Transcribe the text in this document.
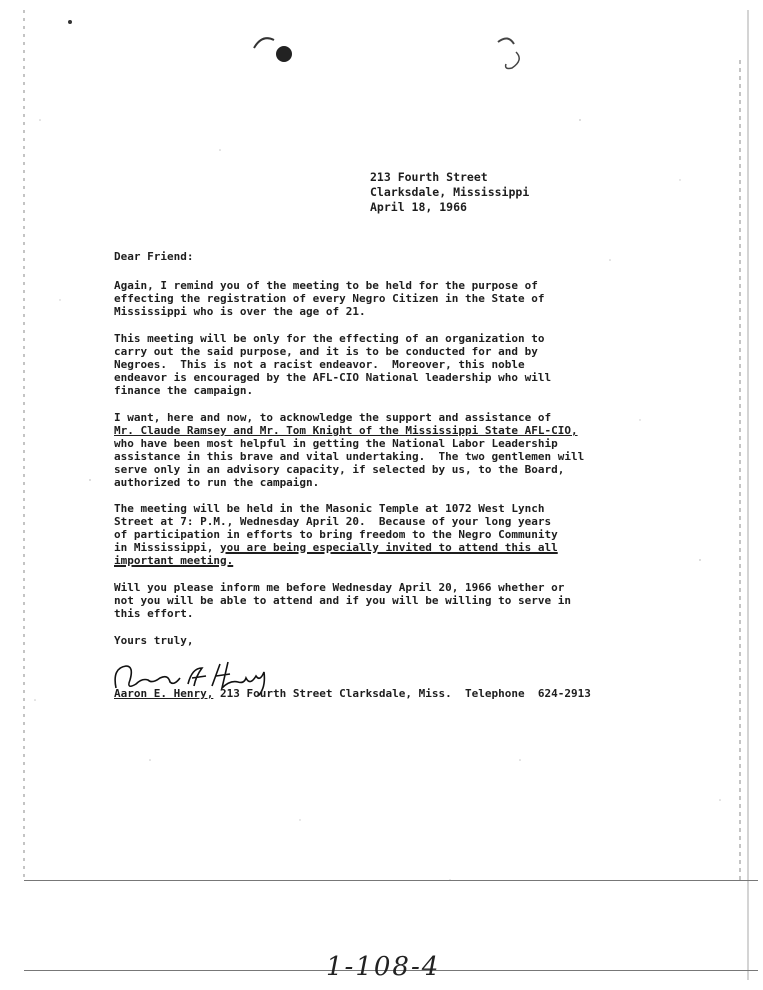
213 Fourth Street
Clarksdale, Mississippi
April 18, 1966
Dear Friend:
Again, I remind you of the meeting to be held for the purpose of
effecting the registration of every Negro Citizen in the State of
Mississippi who is over the age of 21.
This meeting will be only for the effecting of an organization to
carry out the said purpose, and it is to be conducted for and by
Negroes.  This is not a racist endeavor.  Moreover, this noble
endeavor is encouraged by the AFL-CIO National leadership who will
finance the campaign.
I want, here and now, to acknowledge the support and assistance of
Mr. Claude Ramsey and Mr. Tom Knight of the Mississippi State AFL-CIO,
who have been most helpful in getting the National Labor Leadership
assistance in this brave and vital undertaking.  The two gentlemen will
serve only in an advisory capacity, if selected by us, to the Board,
authorized to run the campaign.
The meeting will be held in the Masonic Temple at 1072 West Lynch
Street at 7: P.M., Wednesday April 20.  Because of your long years
of participation in efforts to bring freedom to the Negro Community
in Mississippi, you are being especially invited to attend this all
important meeting.
Will you please inform me before Wednesday April 20, 1966 whether or
not you will be able to attend and if you will be willing to serve in
this effort.
Yours truly,
Aaron E. Henry, 213 Fourth Street Clarksdale, Miss.  Telephone  624-2913
1-108-4
